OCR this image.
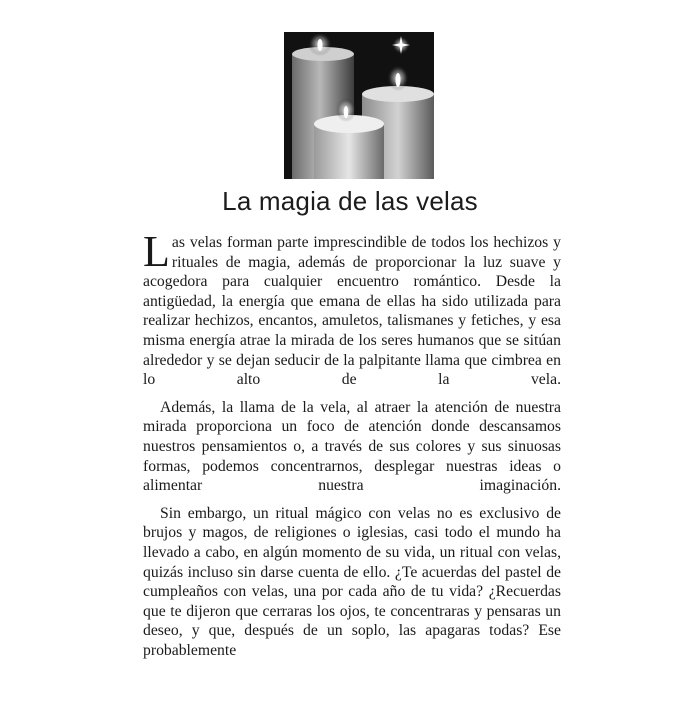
La magia de las velas

Las velas forman parte imprescindible de todos los hechizos y rituales de magia, además de proporcionar la luz suave y acogedora para cualquier encuentro romántico. Desde la antigüedad, la energía que emana de ellas ha sido utilizada para realizar hechizos, encantos, amuletos, talismanes y fetiches, y esa misma energía atrae la mirada de los seres humanos que se sitúan alrededor y se dejan seducir de la palpitante llama que cimbrea en lo alto de la vela.

Además, la llama de la vela, al atraer la atención de nuestra mirada proporciona un foco de atención donde descansamos nuestros pensamientos o, a través de sus colores y sus sinuosas formas, podemos concentrarnos, desplegar nuestras ideas o alimentar nuestra imaginación.

Sin embargo, un ritual mágico con velas no es exclusivo de brujos y magos, de religiones o iglesias, casi todo el mundo ha llevado a cabo, en algún momento de su vida, un ritual con velas, quizás incluso sin darse cuenta de ello. ¿Te acuerdas del pastel de cumpleaños con velas, una por cada año de tu vida? ¿Recuerdas que te dijeron que cerraras los ojos, te concentraras y pensaras un deseo, y que, después de un soplo, las apagaras todas? Ese probablemente
